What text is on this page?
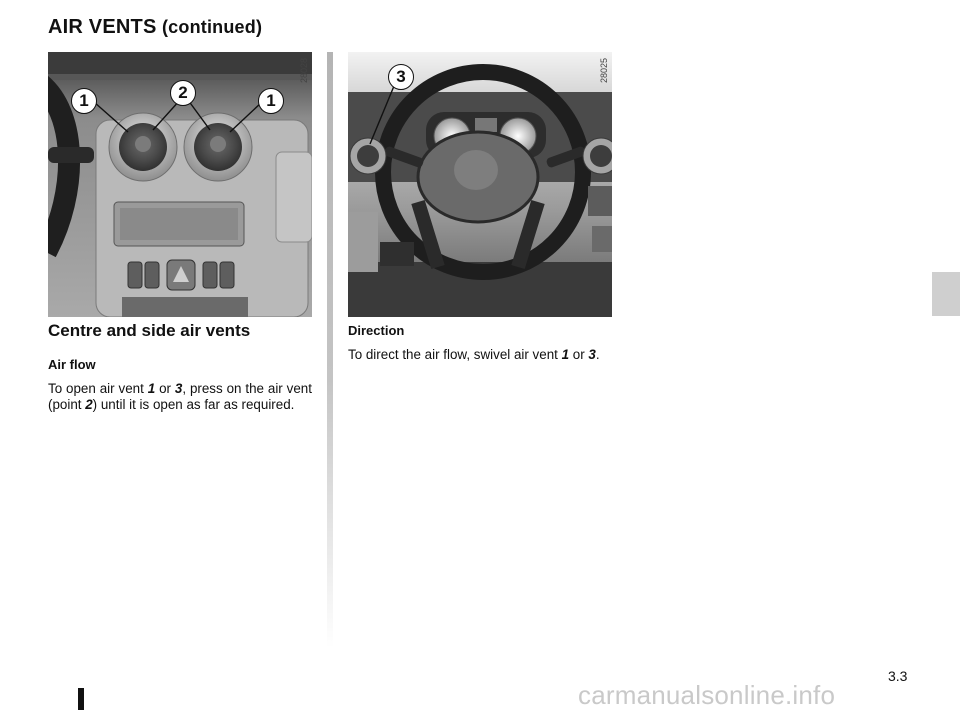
AIR VENTS (continued)
1	2	1
28028	3	28025
Centre and side air vents
Air flow
To open air vent 1 or 3, press on the air vent (point 2) until it is open as far as required.
Direction
To direct the air flow, swivel air vent 1 or 3.
3.3
carmanualsonline.info
